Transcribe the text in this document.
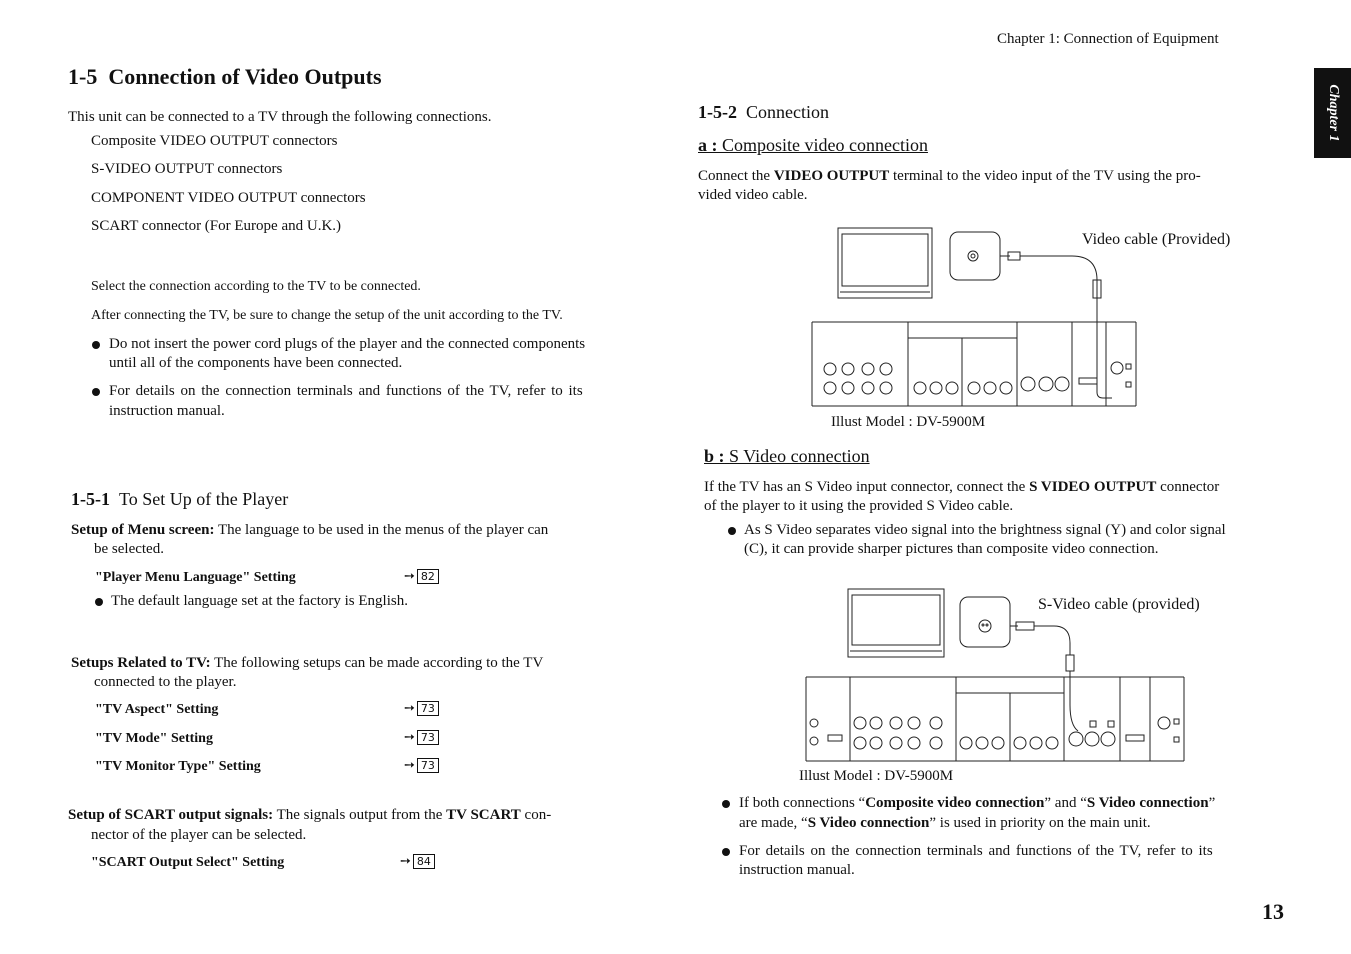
Chapter 1: Connection of Equipment
Chapter 1
13
1-5 Connection of Video Outputs
This unit can be connected to a TV through the following connections.
Composite VIDEO OUTPUT connectors
S-VIDEO OUTPUT connectors
COMPONENT VIDEO OUTPUT connectors
SCART connector (For Europe and U.K.)
Select the connection according to the TV to be connected.
After connecting the TV, be sure to change the setup of the unit according to the TV.
Do not insert the power cord plugs of the player and the connected components
until all of the components have been connected.
For details on the connection terminals and functions of the TV, refer to its
instruction manual.
1-5-1 To Set Up of the Player
Setup of Menu screen: The language to be used in the menus of the player can
be selected.
"Player Menu Language" Setting	➙ 82
The default language set at the factory is English.
Setups Related to TV: The following setups can be made according to the TV
connected to the player.
"TV Aspect" Setting	➙ 73
"TV Mode" Setting	➙ 73
"TV Monitor Type" Setting	➙ 73
Setup of SCART output signals: The signals output from the TV SCART con-
nector of the player can be selected.
"SCART Output Select" Setting	➙ 84
1-5-2 Connection
a : Composite video connection
Connect the VIDEO OUTPUT terminal to the video input of the TV using the pro-
vided video cable.
Video cable (Provided)
Illust Model : DV-5900M
b : S Video connection
If the TV has an S Video input connector, connect the S VIDEO OUTPUT connector
of the player to it using the provided S Video cable.
As S Video separates video signal into the brightness signal (Y) and color signal
(C), it can provide sharper pictures than composite video connection.
S-Video cable (provided)
Illust Model : DV-5900M
If both connections “Composite video connection” and “S Video connection”
are made, “S Video connection” is used in priority on the main unit.
For details on the connection terminals and functions of the TV, refer to its
instruction manual.
